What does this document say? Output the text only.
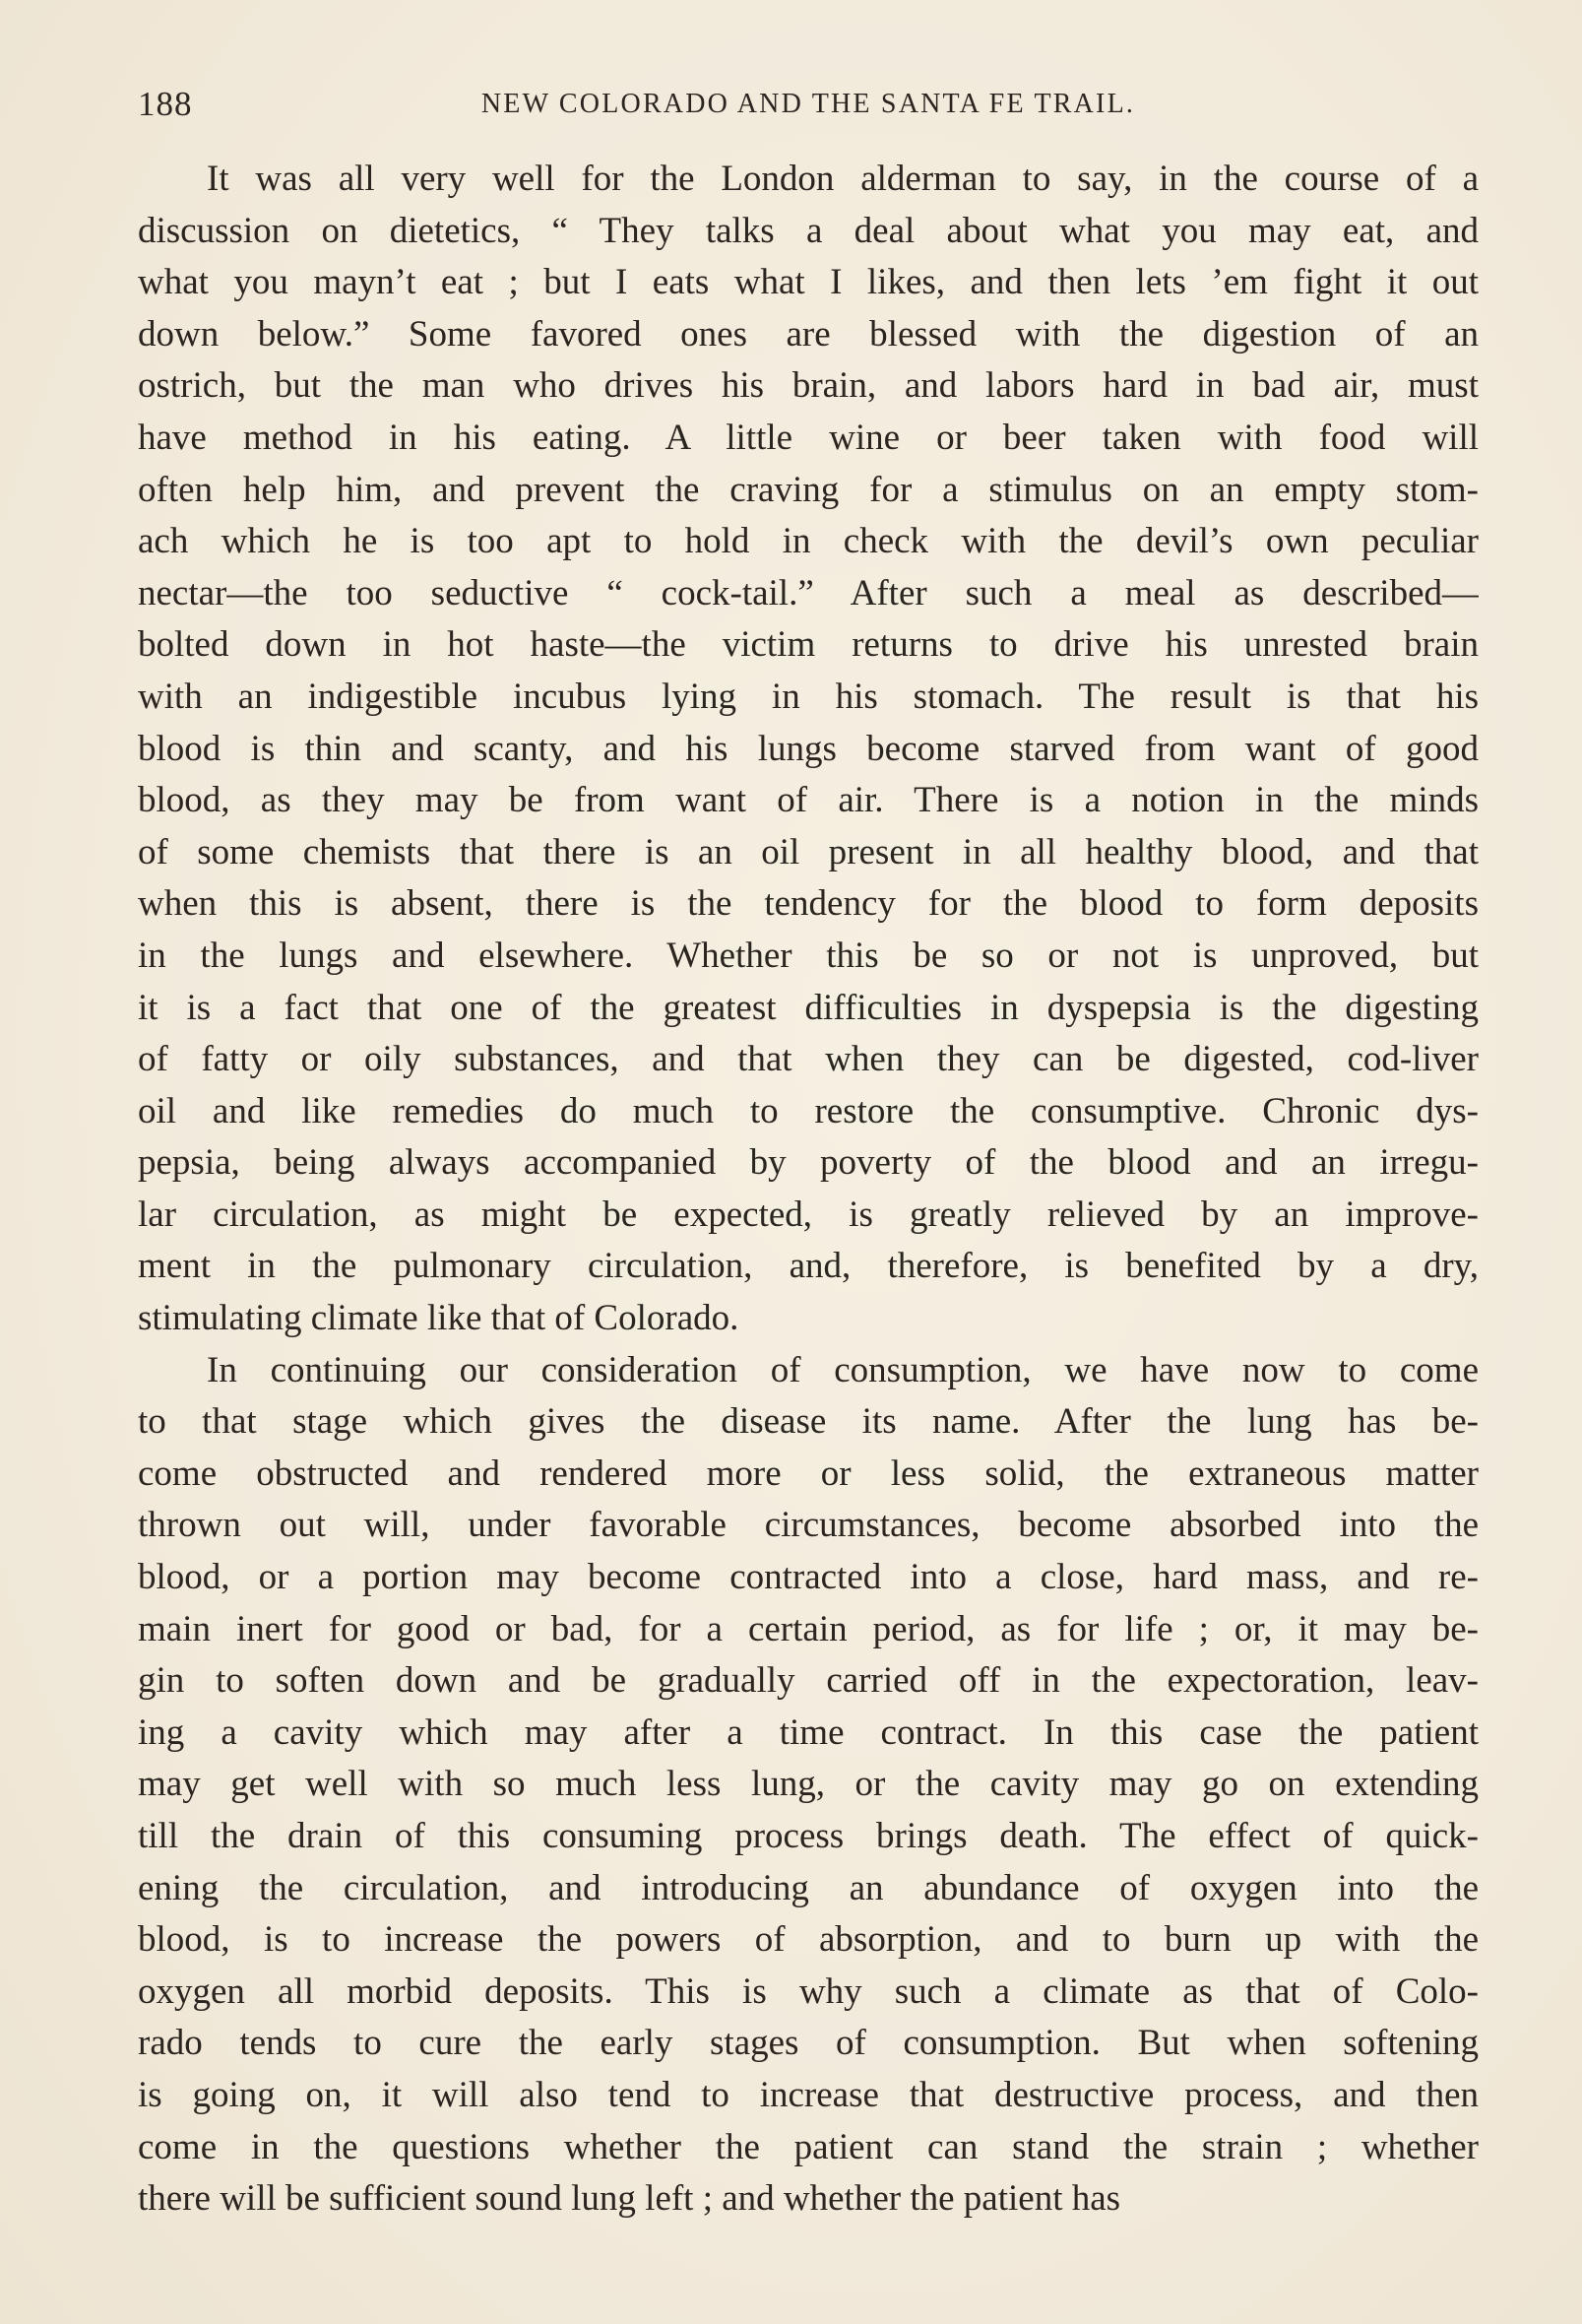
188	NEW COLORADO AND THE SANTA FE TRAIL.
It was all very well for the London alderman to say, in the course of a
discussion on dietetics, “ They talks a deal about what you may eat, and
what you mayn’t eat ; but I eats what I likes, and then lets ’em fight it out
down below.” Some favored ones are blessed with the digestion of an
ostrich, but the man who drives his brain, and labors hard in bad air, must
have method in his eating. A little wine or beer taken with food will
often help him, and prevent the craving for a stimulus on an empty stom-
ach which he is too apt to hold in check with the devil’s own peculiar
nectar—the too seductive “ cock-tail.” After such a meal as described—
bolted down in hot haste—the victim returns to drive his unrested brain
with an indigestible incubus lying in his stomach. The result is that his
blood is thin and scanty, and his lungs become starved from want of good
blood, as they may be from want of air. There is a notion in the minds
of some chemists that there is an oil present in all healthy blood, and that
when this is absent, there is the tendency for the blood to form deposits
in the lungs and elsewhere. Whether this be so or not is unproved, but
it is a fact that one of the greatest difficulties in dyspepsia is the digesting
of fatty or oily substances, and that when they can be digested, cod-liver
oil and like remedies do much to restore the consumptive. Chronic dys-
pepsia, being always accompanied by poverty of the blood and an irregu-
lar circulation, as might be expected, is greatly relieved by an improve-
ment in the pulmonary circulation, and, therefore, is benefited by a dry,
stimulating climate like that of Colorado.
In continuing our consideration of consumption, we have now to come
to that stage which gives the disease its name. After the lung has be-
come obstructed and rendered more or less solid, the extraneous matter
thrown out will, under favorable circumstances, become absorbed into the
blood, or a portion may become contracted into a close, hard mass, and re-
main inert for good or bad, for a certain period, as for life ; or, it may be-
gin to soften down and be gradually carried off in the expectoration, leav-
ing a cavity which may after a time contract. In this case the patient
may get well with so much less lung, or the cavity may go on extending
till the drain of this consuming process brings death. The effect of quick-
ening the circulation, and introducing an abundance of oxygen into the
blood, is to increase the powers of absorption, and to burn up with the
oxygen all morbid deposits. This is why such a climate as that of Colo-
rado tends to cure the early stages of consumption. But when softening
is going on, it will also tend to increase that destructive process, and then
come in the questions whether the patient can stand the strain ; whether
there will be sufficient sound lung left ; and whether the patient has
